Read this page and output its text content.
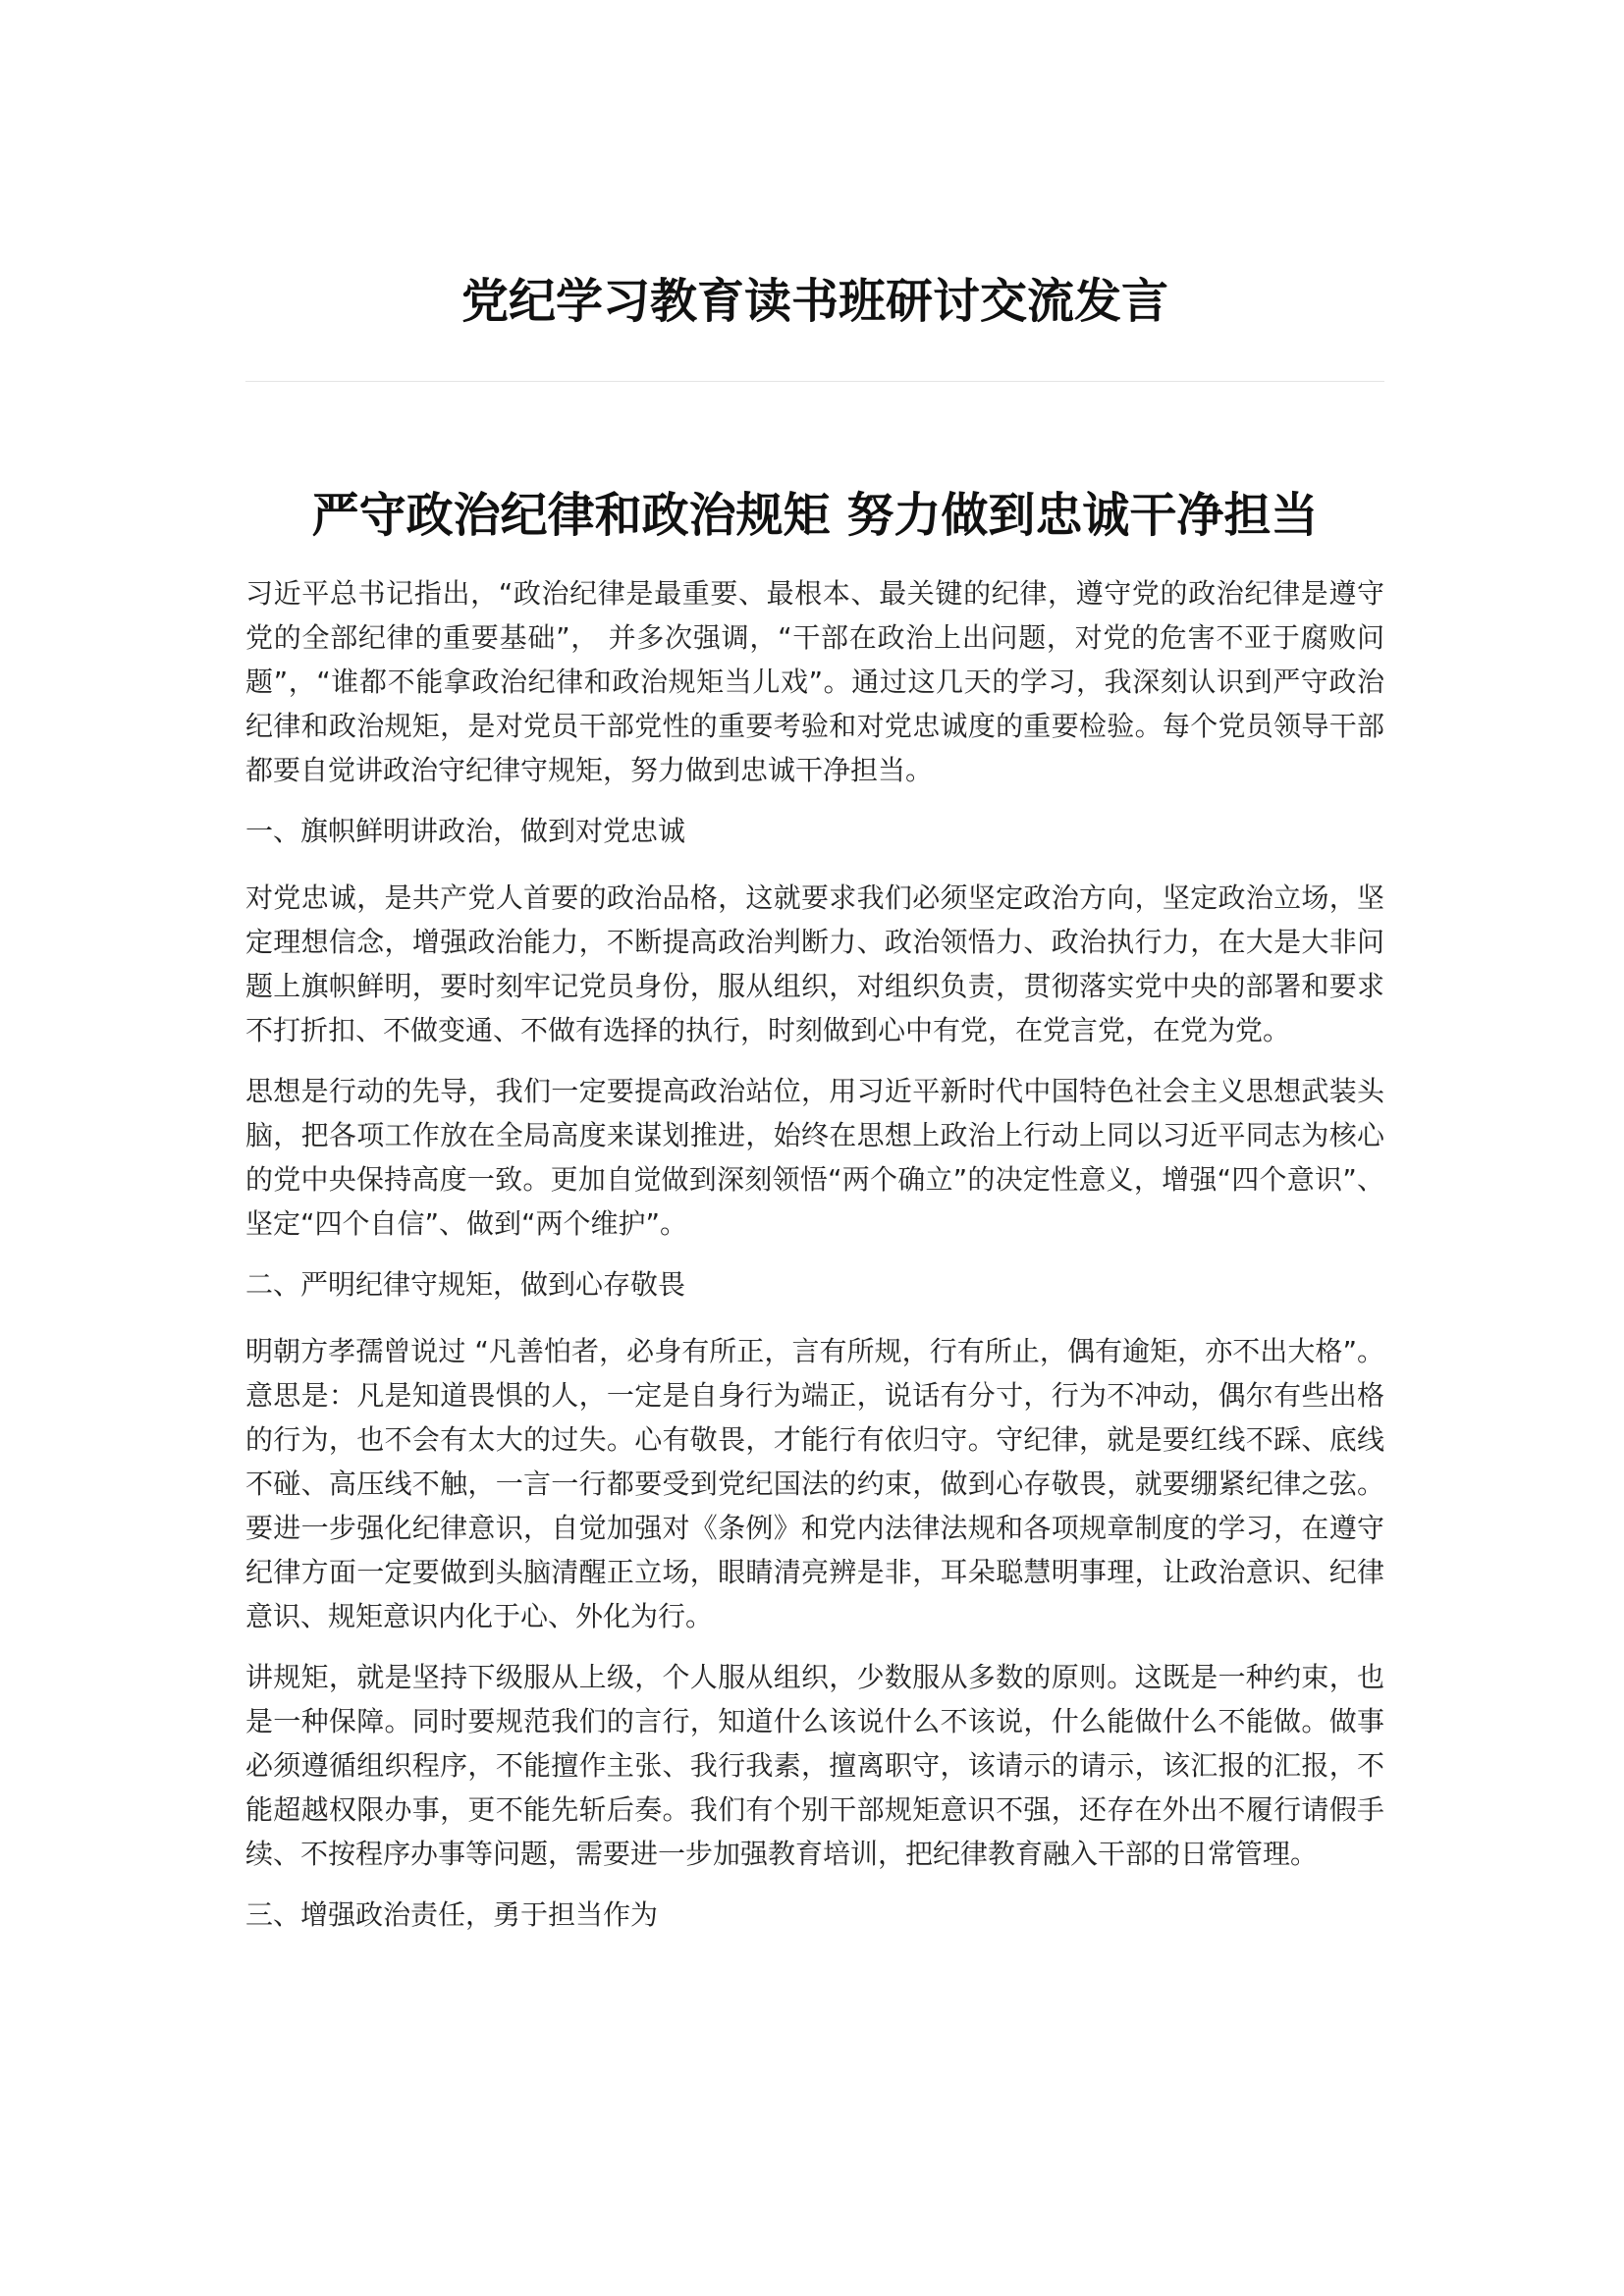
党纪学习教育读书班研讨交流发言
严守政治纪律和政治规矩 努力做到忠诚干净担当

习近平总书记指出，“政治纪律是最重要、最根本、最关键的纪律，遵守党的政治纪律是遵守党的全部纪律的重要基础”， 并多次强调，“干部在政治上出问题，对党的危害不亚于腐败问题”，“谁都不能拿政治纪律和政治规矩当儿戏”。通过这几天的学习，我深刻认识到严守政治纪律和政治规矩，是对党员干部党性的重要考验和对党忠诚度的重要检验。每个党员领导干部都要自觉讲政治守纪律守规矩，努力做到忠诚干净担当。

一、旗帜鲜明讲政治，做到对党忠诚

对党忠诚，是共产党人首要的政治品格，这就要求我们必须坚定政治方向，坚定政治立场，坚定理想信念，增强政治能力，不断提高政治判断力、政治领悟力、政治执行力，在大是大非问题上旗帜鲜明，要时刻牢记党员身份，服从组织，对组织负责，贯彻落实党中央的部署和要求不打折扣、不做变通、不做有选择的执行，时刻做到心中有党，在党言党，在党为党。

思想是行动的先导，我们一定要提高政治站位，用习近平新时代中国特色社会主义思想武装头脑，把各项工作放在全局高度来谋划推进，始终在思想上政治上行动上同以习近平同志为核心的党中央保持高度一致。更加自觉做到深刻领悟“两个确立”的决定性意义，增强“四个意识”、坚定“四个自信”、做到“两个维护”。

二、严明纪律守规矩，做到心存敬畏

明朝方孝孺曾说过 “凡善怕者，必身有所正，言有所规，行有所止，偶有逾矩，亦不出大格”。意思是：凡是知道畏惧的人，一定是自身行为端正，说话有分寸，行为不冲动，偶尔有些出格的行为，也不会有太大的过失。心有敬畏，才能行有依归守。守纪律，就是要红线不踩、底线不碰、高压线不触，一言一行都要受到党纪国法的约束，做到心存敬畏，就要绷紧纪律之弦。要进一步强化纪律意识，自觉加强对《条例》和党内法律法规和各项规章制度的学习，在遵守纪律方面一定要做到头脑清醒正立场，眼睛清亮辨是非，耳朵聪慧明事理，让政治意识、纪律意识、规矩意识内化于心、外化为行。

讲规矩，就是坚持下级服从上级，个人服从组织，少数服从多数的原则。这既是一种约束，也是一种保障。同时要规范我们的言行，知道什么该说什么不该说，什么能做什么不能做。做事必须遵循组织程序，不能擅作主张、我行我素，擅离职守，该请示的请示，该汇报的汇报，不能超越权限办事，更不能先斩后奏。我们有个别干部规矩意识不强，还存在外出不履行请假手续、不按程序办事等问题，需要进一步加强教育培训，把纪律教育融入干部的日常管理。

三、增强政治责任，勇于担当作为
